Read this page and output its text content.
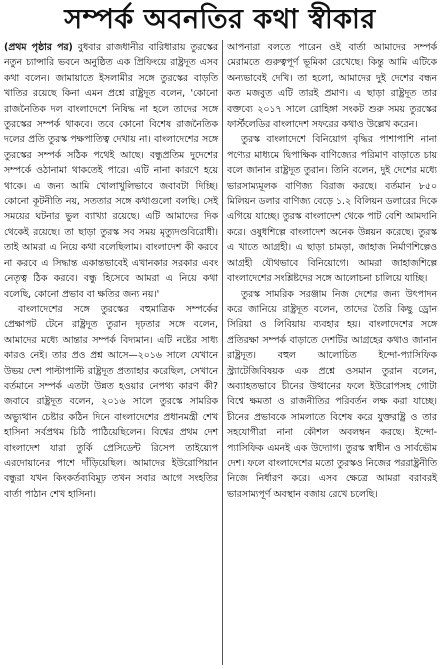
সম্পর্ক অবনতির কথা স্বীকার

(প্রথম পৃষ্ঠার পর) বুধবার রাজধানীর বারিধারায় তুরস্কের নতুন চ্যান্সারি ভবনে অনুষ্ঠিত এক প্রিফিংয়ে রাষ্ট্রদূত এসব কথা বলেন। জামায়াতে ইসলামীর সঙ্গে তুরস্কের বাড়তি খাতির রয়েছে কিনা এমন প্রশ্নে রাষ্ট্রদূত বলেন, 'কোনো রাজনৈতিক দল বাংলাদেশে নিষিদ্ধ না হলে তাদের সঙ্গে তুরস্কের সম্পর্ক থাকবে। তবে কোনো বিশেষ রাজনৈতিক দলের প্রতি তুরস্ক পক্ষপাতিত্ব দেখায় না। বাংলাদেশের সঙ্গে তুরস্কের সম্পর্ক সঠিক পথেই আছে। বন্ধুপ্রতিম দুদেশের সম্পর্কে ওঠানামা থাকতেই পারে। এটি নানা কারণে হয়ে থাকে। এ জন্য আমি খোলাখুলিভাবে জবাবটা দিচ্ছি। কোনো কূটনীতি নয়, সততার সঙ্গে কথাগুলো বলছি। সেই সময়ের ঘটনার ভুল ব্যাখ্যা রয়েছে। এটি আমাদের দিক থেকেই রয়েছে। তা ছাড়া তুরস্ক সব সময় মৃত্যুদণ্ডবিরোধী। তাই আমরা এ নিয়ে কথা বলেছিলাম। বাংলাদেশ কী করবে না করবে এ সিদ্ধান্ত একান্তভাবেই এখানকার সরকার এবং নেতৃত্ব ঠিক করবে। বন্ধু হিসেবে আমরা এ নিয়ে কথা বলেছি, কোনো প্রভাব বা ক্ষতির জন্য নয়।'

বাংলাদেশের সঙ্গে তুরস্কের বহুমাত্রিক সম্পর্কের প্রেক্ষাপট টেনে রাষ্ট্রদূত তুরান দৃঢ়তার সঙ্গে বলেন, আমাদের মধ্যে আন্তার সম্পর্ক বিদ্যমান। এটি নষ্টের সাধ্য কারও নেই। তার প্রও প্রশ্ন আসে—২০১৬ সালে যেখানে উভয় দেশ পাল্টাপাল্টি রাষ্ট্রদূত প্রত্যাহার করেছিল, সেখানে বর্তমানে সম্পর্ক এতটা উন্নত হওয়ার নেপথ্য কারণ কী? জবাবে রাষ্ট্রদূত বলেন, ২০১৬ সালে তুরস্কে সামরিক অভ্যুত্থান চেষ্টার কঠিন দিনে বাংলাদেশের প্রধানমন্ত্রী শেখ হাসিনা সর্বপ্রথম চিঠি পাঠিয়েছিলেন। বিশ্বের প্রথম দেশ বাংলাদেশ যারা তুর্কি প্রেসিডেন্ট রিসেপ তাইয়্যেপ এরদোয়ানের পাশে দাঁড়িয়েছিল। আমাদের ইউরোপিয়ান বন্ধুরা যখন কিংকর্তব্যবিমূঢ় তখন সবার আগে সংহতির বার্তা পাঠান শেখ হাসিনা।

আপনারা বলতে পারেন ওই বার্তা আমাদের সম্পর্ক মেরামতে গুরুত্বপূর্ণ ভূমিকা রেখেছে। কিন্তু আমি এটিকে অন্যভাবেই দেখি। তা হলো, আমাদের দুই দেশের বন্ধন কত মজবুত এটি তারই প্রমাণ। এ ছাড়া রাষ্ট্রদূত তার বক্তব্যে ২০১৭ সালে রোহিঙ্গা সংকট শুরু সময় তুরস্কের ফার্স্টলেডির বাংলাদেশ সফরের কথাও উল্লেখ করেন।

তুরস্ক বাংলাদেশে বিনিয়োগ বৃদ্ধির পাশাপাশি নানা পণ্যের মাধ্যমে দ্বিপাক্ষিক বাণিজ্যের পরিমাণ বাড়াতে চায় বলে জানান রাষ্ট্রদূত তুরান। তিনি বলেন, দুই দেশের মধ্যে ভারসাম্যমূলক বাণিজ্য বিরাজ করছে। বর্তমান ৮৫০ মিলিয়ন ডলার বাণিজ্য বেড়ে ১.২ বিলিয়ন ডলারের দিকে এগিয়ে যাচ্ছে। তুরস্ক বাংলাদেশ থেকে পাট বেশি আমদানি করে। ওষুধশিল্পে বাংলাদেশ অনেক উন্নয়ন করেছে। তুরস্ক এ খাতে আগ্রহী। এ ছাড়া চামড়া, জাহাজ নির্মাণশিল্পেও আগ্রহী যৌথভাবে বিনিয়োগে। আমরা জাহাজশিল্পে বাংলাদেশের সংশ্লিষ্টদের সঙ্গে আলোচনা চালিয়ে যাচ্ছি।

তুরস্ক সামরিক সরঞ্জাম নিজ দেশের জন্য উৎপাদন করে জানিয়ে রাষ্ট্রদূত বলেন, তাদের তৈরি কিছু ড্রোন সিরিয়া ও লিবিয়ায় ব্যবহার হয়। বাংলাদেশের সঙ্গে প্রতিরক্ষা সম্পর্ক বাড়াতে দেশটির আগ্রহের কথাও জানান রাষ্ট্রদূত। বহুল আলোচিত ইন্দো-প্যাসিফিক স্ট্র্যাটেজিবিষয়ক এক প্রশ্নে ওসমান তুরান বলেন, অব্যাহতভাবে চীনের উত্থানের ফলে ইউরোপসহ গোটা বিশ্বে ক্ষমতা ও রাজনীতির পরিবর্তন লক্ষ করা যাচ্ছে। চীনের প্রভাবকে সামলাতে বিশেষ করে যুক্তরাষ্ট্র ও তার সহযোগীরা নানা কৌশল অবলম্বন করছে। ইন্দো-প্যাসিফিক এমনই এক উদ্যোগ। তুরস্ক স্বাধীন ও সার্বভৌম দেশ। ফলে বাংলাদেশের মতো তুরস্কও নিজের পররাষ্ট্রনীতি নিজে নির্ধারণ করে। এসব ক্ষেত্রে আমরা বরাবরই ভারসাম্যপূর্ণ অবস্থান বজায় রেখে চলেছি।
